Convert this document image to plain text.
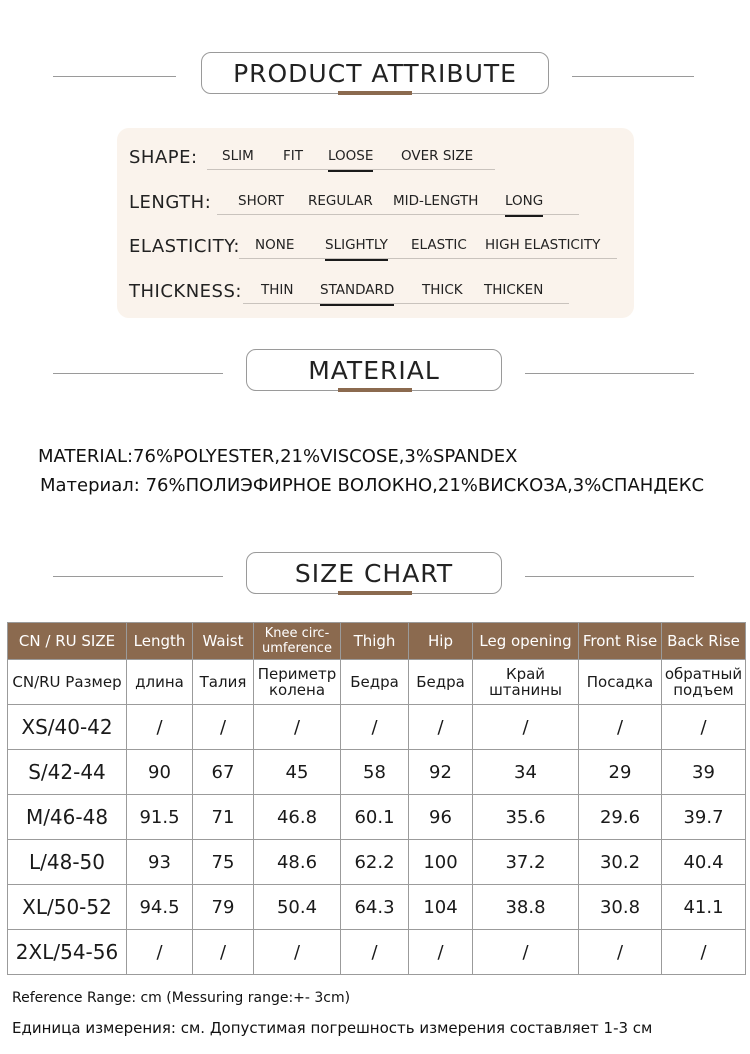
PRODUCT ATTRIBUTE
SHAPE: SLIM FIT LOOSE OVER SIZE
LENGTH: SHORT REGULAR MID-LENGTH LONG
ELASTICITY: NONE SLIGHTLY ELASTIC HIGH ELASTICITY
THICKNESS: THIN STANDARD THICK THICKEN
MATERIAL
MATERIAL:76%POLYESTER,21%VISCOSE,3%SPANDEX
Материал: 76%ПОЛИЭФИРНОЕ ВОЛОКНО,21%ВИСКОЗА,3%СПАНДЕКС
SIZE CHART
CN / RU SIZE	Length	Waist	Knee circ-umference	Thigh	Hip	Leg opening	Front Rise	Back Rise
CN/RU Размер	длина	Талия	Периметр колена	Бедра	Бедра	Край штанины	Посадка	обратный подъем
XS/40-42	/	/	/	/	/	/	/	/
S/42-44	90	67	45	58	92	34	29	39
M/46-48	91.5	71	46.8	60.1	96	35.6	29.6	39.7
L/48-50	93	75	48.6	62.2	100	37.2	30.2	40.4
XL/50-52	94.5	79	50.4	64.3	104	38.8	30.8	41.1
2XL/54-56	/	/	/	/	/	/	/	/
Reference Range: cm (Messuring range:+- 3cm)
Единица измерения: см. Допустимая погрешность измерения составляет 1-3 см
